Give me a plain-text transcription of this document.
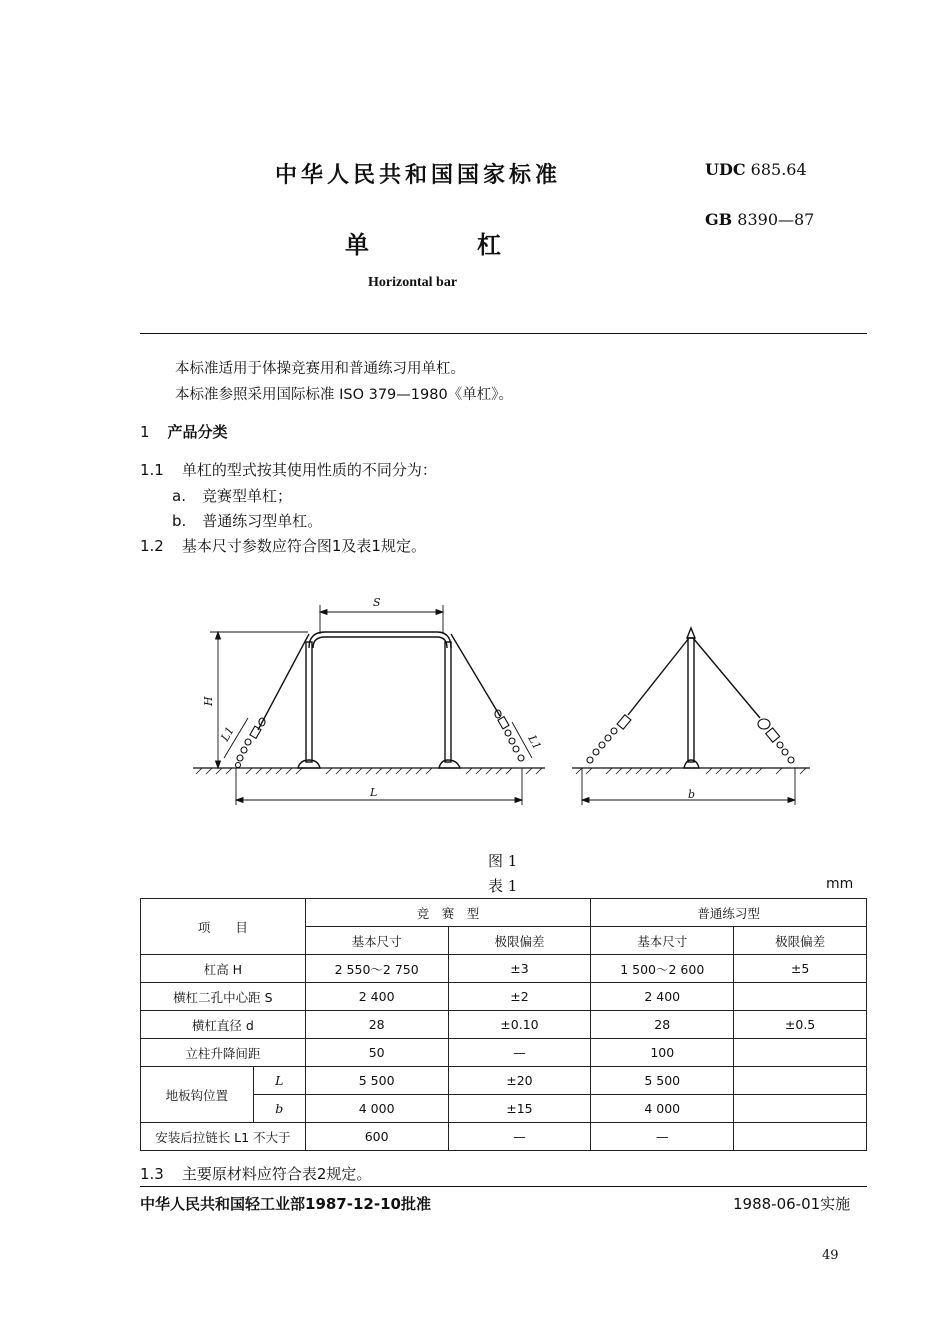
中华人民共和国国家标准	UDC 685.64
GB 8390—87
单	杠
Horizontal bar
本标准适用于体操竞赛用和普通练习用单杠。
本标准参照采用国际标准 ISO 379—1980《单杠》。
1 产品分类
1.1 单杠的型式按其使用性质的不同分为：
a. 竞赛型单杠；
b. 普通练习型单杠。
1.2 基本尺寸参数应符合图1及表1规定。
S
H
L1	L1
L	b
图 1
表 1	mm
项　　目		竞　赛　型		普通练习型	
		基本尺寸	极限偏差	基本尺寸	极限偏差
杠高 H		2 550～2 750	±3	1 500～2 600	±5
横杠二孔中心距 S		2 400	±2	2 400	
横杠直径 d		28	±0.10	28	±0.5
立柱升降间距		50	—	100	
地板钩位置	L	5 500	±20	5 500	
	b	4 000	±15	4 000	
安装后拉链长 L1 不大于		600	—	—	
1.3 主要原材料应符合表2规定。
中华人民共和国轻工业部1987-12-10批准	1988-06-01实施
49
